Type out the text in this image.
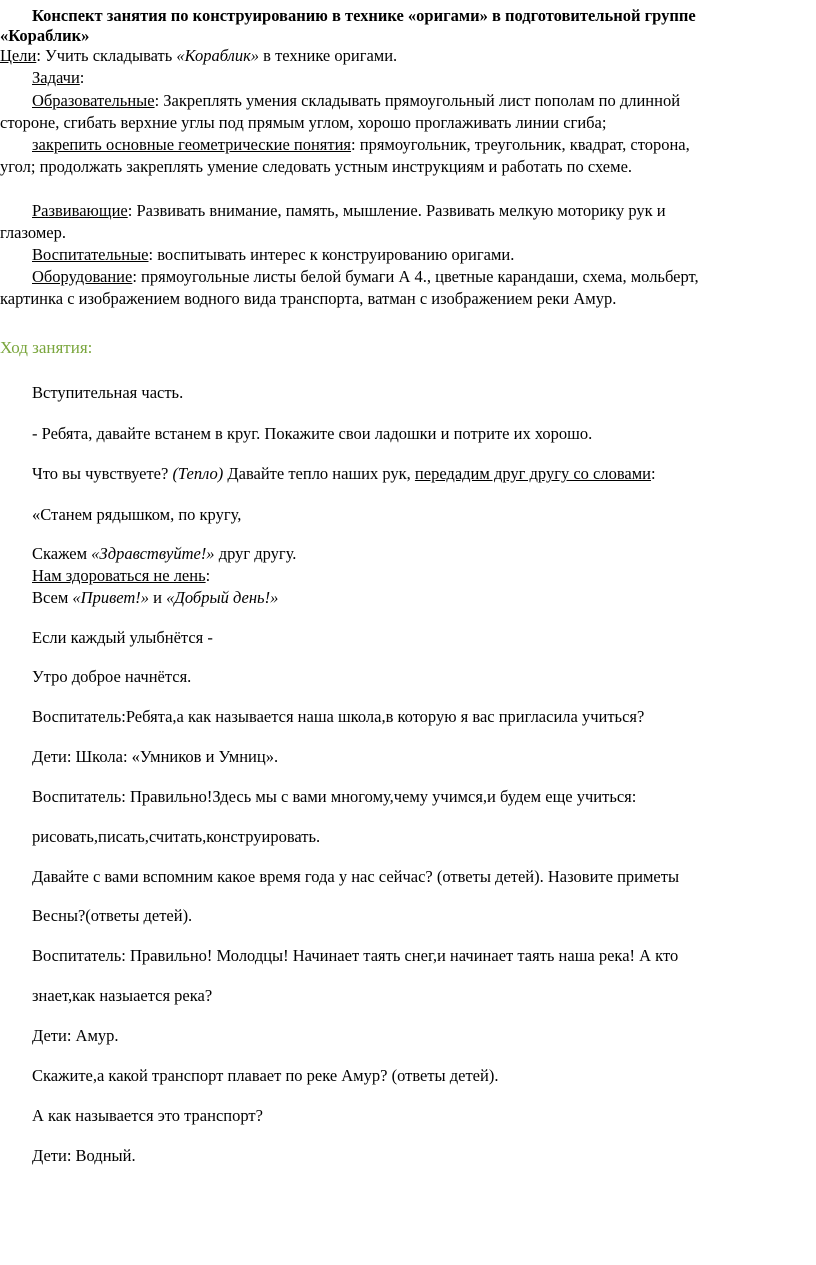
Конспект занятия по конструированию в технике «оригами» в подготовительной группе
«Кораблик»
Цели: Учить складывать «Кораблик» в технике оригами.
Задачи:
Образовательные: Закреплять умения складывать прямоугольный лист пополам по длинной
стороне, сгибать верхние углы под прямым углом, хорошо проглаживать линии сгиба;
закрепить основные геометрические понятия: прямоугольник, треугольник, квадрат, сторона,
угол; продолжать закреплять умение следовать устным инструкциям и работать по схеме.
Развивающие: Развивать внимание, память, мышление. Развивать мелкую моторику рук и
глазомер.
Воспитательные: воспитывать интерес к конструированию оригами.
Оборудование: прямоугольные листы белой бумаги А 4., цветные карандаши, схема, мольберт,
картинка с изображением водного вида транспорта, ватман с изображением реки Амур.
Ход занятия:
Вступительная часть.
- Ребята, давайте встанем в круг. Покажите свои ладошки и потрите их хорошо.
Что вы чувствуете? (Тепло) Давайте тепло наших рук, передадим друг другу со словами:
«Станем рядышком, по кругу,
Скажем «Здравствуйте!» друг другу.
Нам здороваться не лень:
Всем «Привет!» и «Добрый день!»
Если каждый улыбнётся -
Утро доброе начнётся.
Воспитатель:Ребята,а как называется наша школа,в которую я вас пригласила учиться?
Дети: Школа: «Умников и Умниц».
Воспитатель: Правильно!Здесь мы с вами многому,чему учимся,и будем еще учиться:
рисовать,писать,считать,конструировать.
Давайте с вами вспомним какое время года у нас сейчас? (ответы детей). Назовите приметы
Весны?(ответы детей).
Воспитатель: Правильно! Молодцы! Начинает таять снег,и начинает таять наша река! А кто
знает,как назыается река?
Дети: Амур.
Скажите,а какой транспорт плавает по реке Амур? (ответы детей).
А как называется это транспорт?
Дети: Водный.
